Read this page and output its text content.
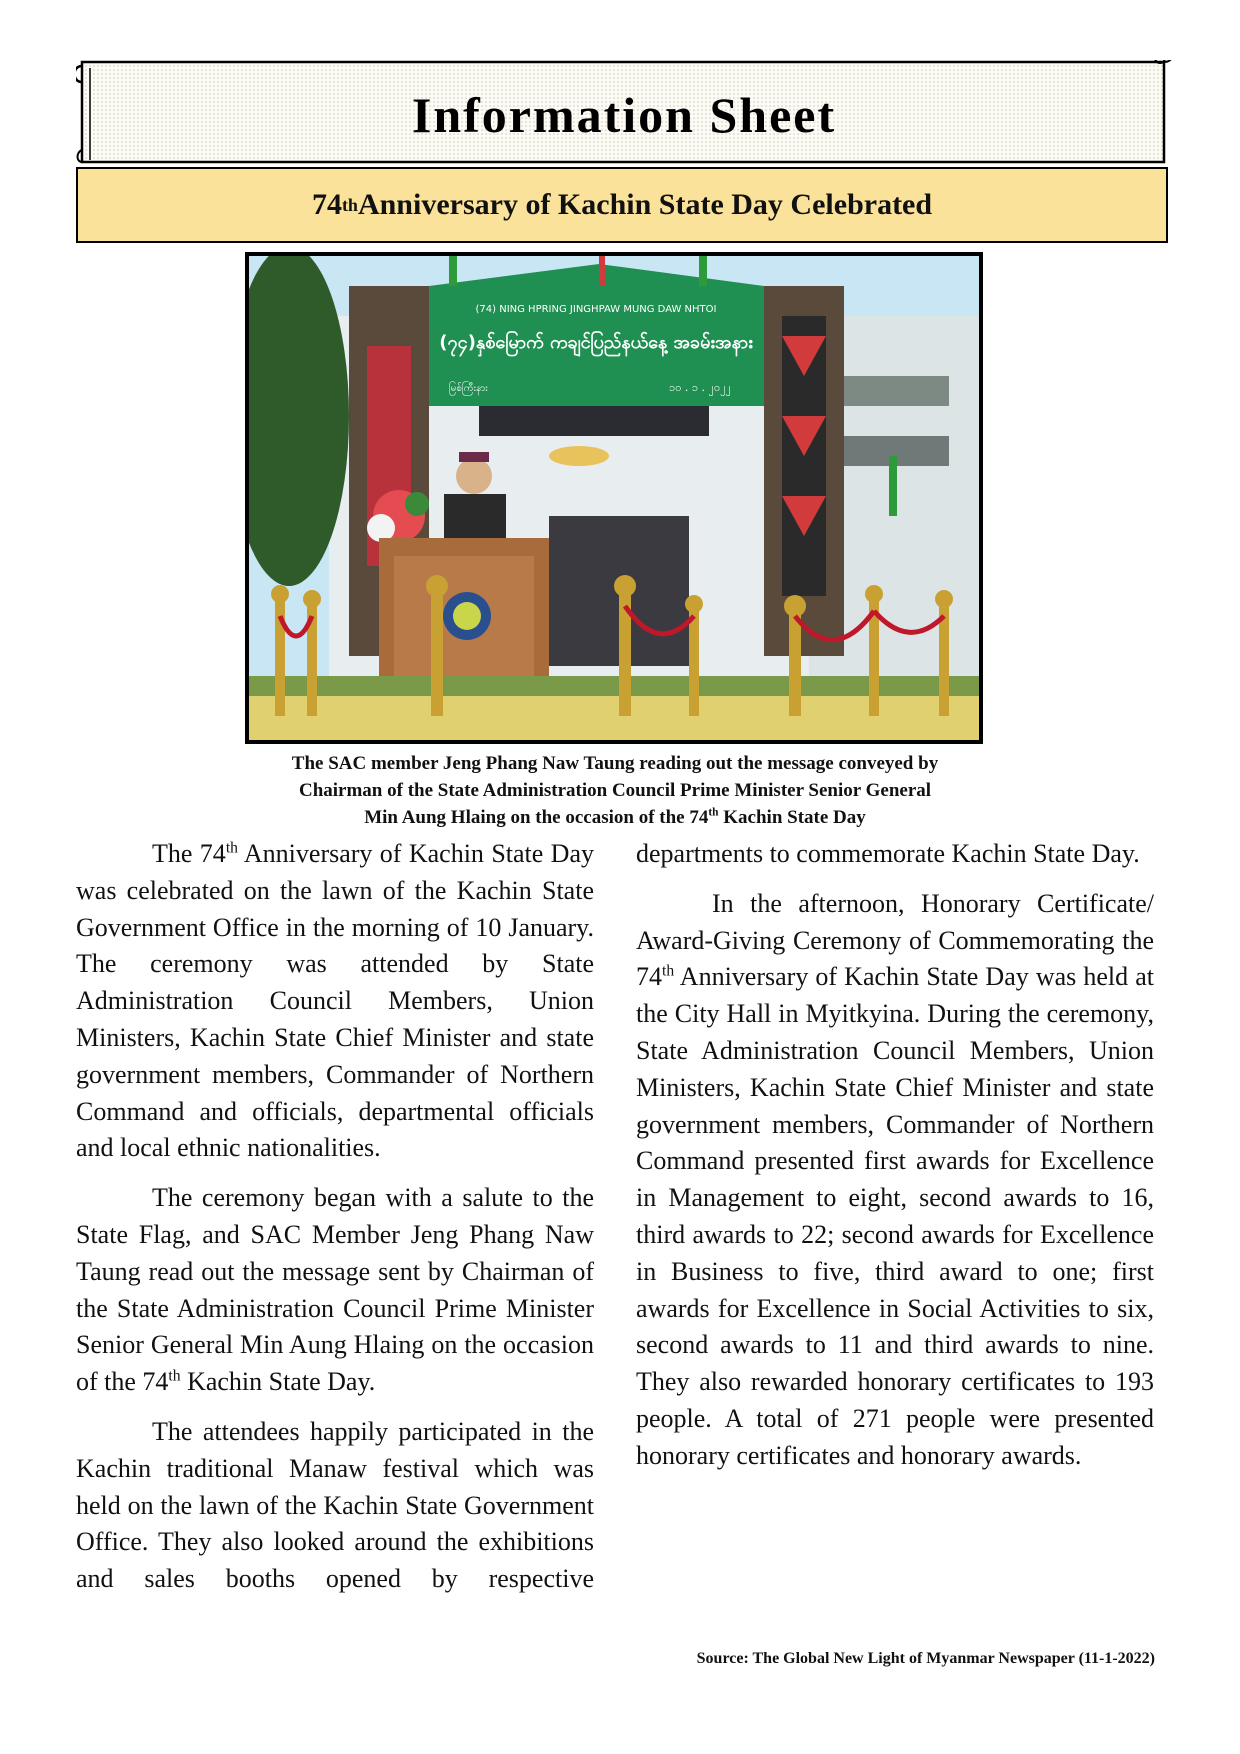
Information Sheet
74 th Anniversary of Kachin State Day Celebrated
(74) NING HPRING JINGHPAW MUNG DAW NHTOI
(၇၄)နှစ်မြောက် ကချင်ပြည်နယ်နေ့ အခမ်းအနား
မြစ်ကြီးနား	၁၀ . ၁ . ၂၀၂၂
The SAC member Jeng Phang Naw Taung reading out the message conveyed by
Chairman of the State Administration Council Prime Minister Senior General
Min Aung Hlaing on the occasion of the 74th Kachin State Day

The 74th Anniversary of Kachin State Day was celebrated on the lawn of the Kachin State Government Office in the morning of 10 January. The ceremony was attended by State Administration Council Members, Union Ministers, Kachin State Chief Minister and state government members, Commander of Northern Command and officials, departmental officials and local ethnic nationalities.

The ceremony began with a salute to the State Flag, and SAC Member Jeng Phang Naw Taung read out the message sent by Chairman of the State Administration Council Prime Minister Senior General Min Aung Hlaing on the occasion of the 74th Kachin State Day.

The attendees happily participated in the Kachin traditional Manaw festival which was held on the lawn of the Kachin State Government Office. They also looked around the exhibitions and sales booths opened by respective

departments to commemorate Kachin State Day.

In the afternoon, Honorary Certificate/ Award-Giving Ceremony of Commemorating the 74th Anniversary of Kachin State Day was held at the City Hall in Myitkyina. During the ceremony, State Administration Council Members, Union Ministers, Kachin State Chief Minister and state government members, Commander of Northern Command presented first awards for Excellence in Management to eight, second awards to 16, third awards to 22; second awards for Excellence in Business to five, third award to one; first awards for Excellence in Social Activities to six, second awards to 11 and third awards to nine. They also rewarded honorary certificates to 193 people. A total of 271 people were presented honorary certificates and honorary awards.

Source: The Global New Light of Myanmar Newspaper (11-1-2022)
